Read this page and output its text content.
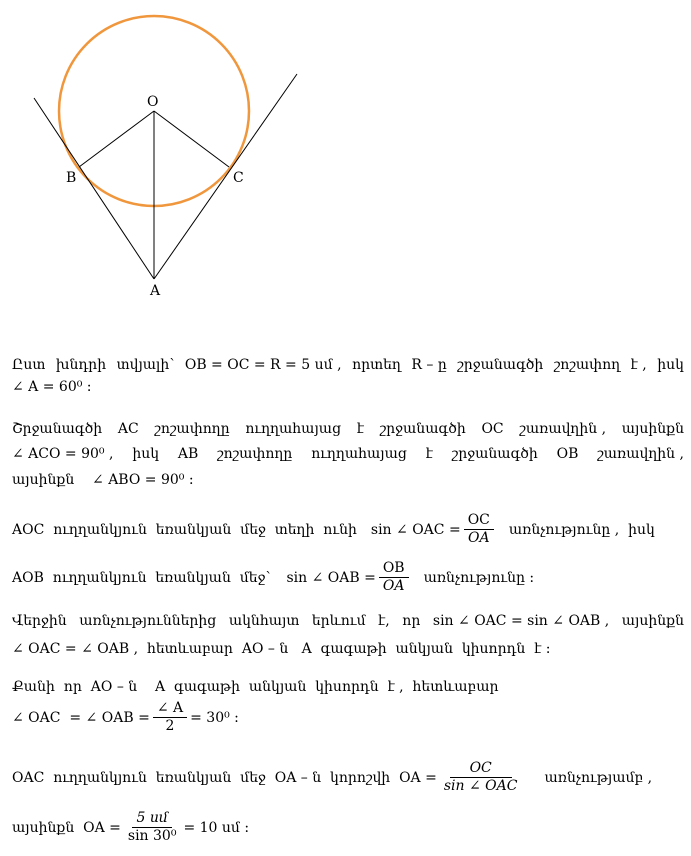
O
B	C
A
Ըստ խնդրի տվյալի՝ OB = OC = R = 5 սմ , որտեղ R – ը շրջանագծի շոշափող է , իսկ
∠ A = 60⁰ :
Շրջանագծի AC շոշափողը ուղղահայաց է շրջանագծի OC շառավղին , այսինքն
∠ ACO = 90⁰ , իսկ AB շոշափողը ուղղահայաց է շրջանագծի OB շառավղին ,
այսինքն    ∠ ABO = 90⁰ :
AOC  ուղղանկյուն  եռանկյան  մեջ  տեղի  ունի sin ∠ OAC = $\frac{OC}{OA}$ առնչությունը ,  իսկ
AOB  ուղղանկյուն  եռանկյան  մեջ` sin ∠ OAB = $\frac{OB}{OA}$ առնչությունը :
Վերջին առնչություններից ակնհայտ երևում է, որ sin ∠ OAC = sin ∠ OAB , այսինքն
∠ OAC = ∠ OAB ,  հետևաբար  AO – ն   A  գագաթի  անկյան  կիսորդն  է :
Քանի  որ  AO – ն    A  գագաթի  անկյան  կիսորդն  է ,  հետևաբար
∠ OAC  = ∠ OAB = $\frac{\angle A}{2} = 30^0$ :
OAC  ուղղանկյուն  եռանկյան  մեջ  OA – ն  կորոշվի  OA = $\frac{OC}{\text{sin ∠ OAC}}$ առնչությամբ ,
այսինքն  OA = $\frac{\text{5 սմ}}{\text{sin 30⁰}} = 10$ սմ :
